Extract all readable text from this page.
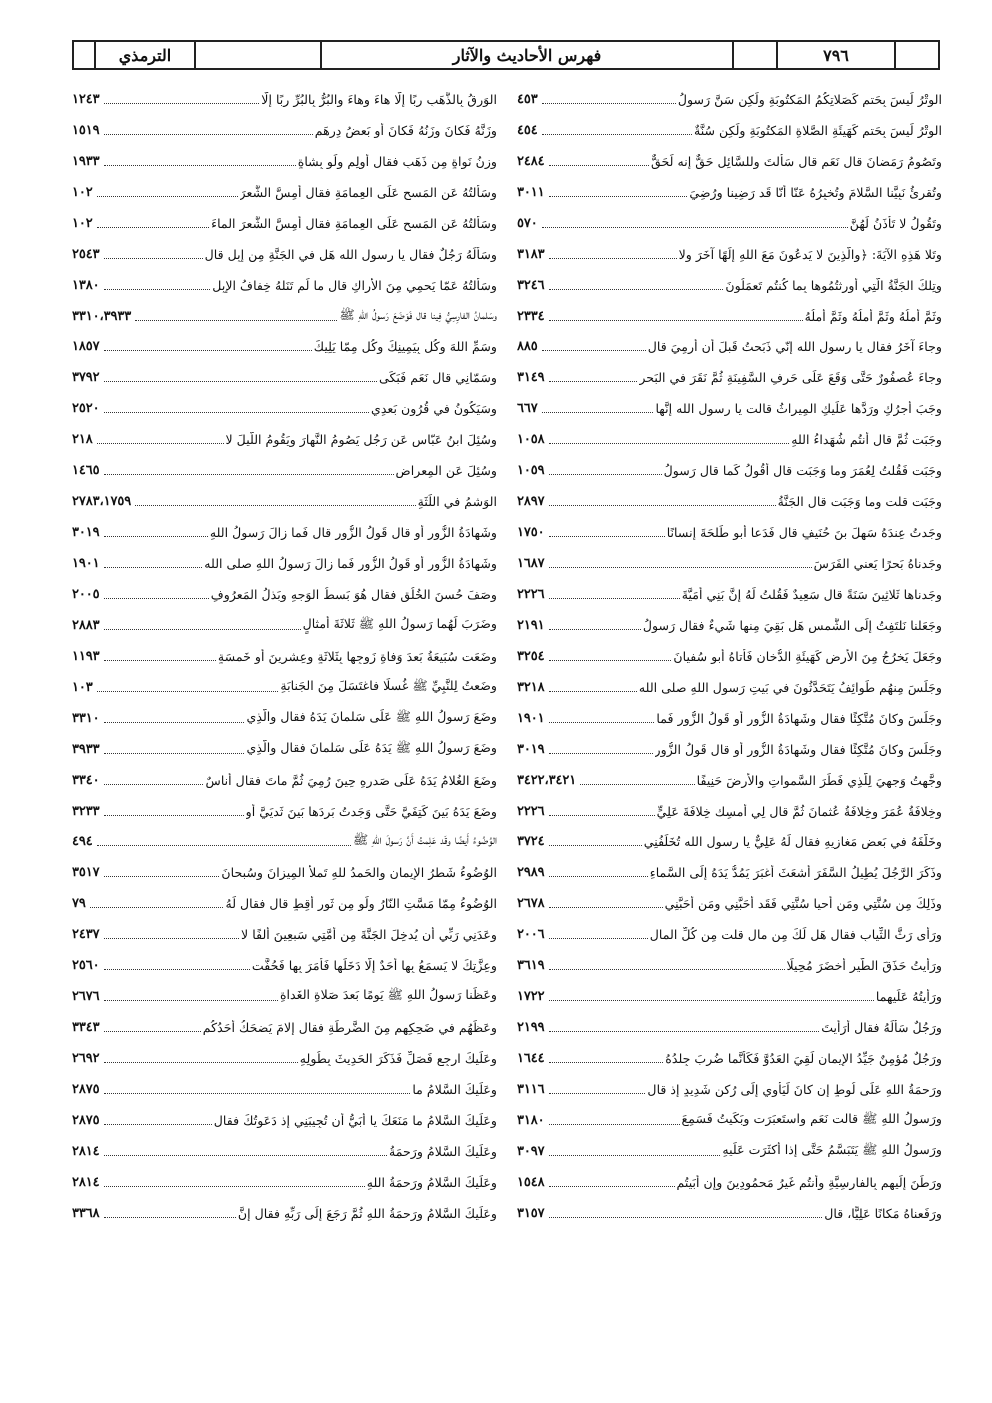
٧٩٦
فهرس الأحاديث والآثار
الترمذي
٤٥٣	الوِتْرُ لَيسَ بِحَتمٍ كَصَلاتِكُمُ المَكتُوبَةِ ولَكِن سَنَّ رَسولُ
٤٥٤	الوِتْرُ لَيسَ بِحَتمٍ كَهَيئَةِ الصَّلاةِ المَكتُوبَةِ ولَكِن سُنَّةٌ
٢٤٨٤	وتَصُومُ رَمَضانَ قال نَعَم قال سَأَلتَ وللسَّائِلِ حَقٌّ إنه لَحَقٌّ
٣٠١١	وتُقرِئُ نَبِيَّنا السَّلامَ وتُخبِرُهُ عَنّا أَنّا قَد رَضِينا ورُضِيَ
٥٧٠	وتَقُولُ لا تَأذَنُ لَهُنَّ
٣١٨٣	وتَلا هَذِهِ الآيَةَ: ﴿والَّذِينَ لا يَدعُونَ مَعَ اللهِ إلَهًا آخَرَ ولا
٣٢٤٦	وتِلكَ الجَنَّةُ الَّتِي أُورِثتُمُوها بِما كُنتُم تَعمَلُونَ
٢٣٣٤	وثَمَّ أَملُهُ وثَمَّ أَملُهُ وثَمَّ أَملُهُ
٨٨٥	وجاءَ آخَرُ فقال يا رسول الله إنّي ذَبَحتُ قَبلَ أَن أَرمِيَ قال
٣١٤٩	وجاءَ عُصفُورٌ حَتَّى وَقَعَ عَلَى حَرفِ السَّفِينَةِ ثُمَّ نَقَرَ في البَحرِ
٦٦٧	وجَبَ أَجرُكِ ورَدَّها عَلَيكِ المِيراثُ قالت يا رسول الله إنَّها
١٠٥٨	وجَبَت ثُمَّ قال أَنتُم شُهَداءُ اللهِ
١٠٥٩	وجَبَت فَقُلتُ لِعُمَرَ وما وَجَبَت قال أَقُولُ كَما قال رَسولُ
٢٨٩٧	وجَبَت قلت وما وَجَبَت قال الجَنَّةُ
١٧٥٠	وجَدتُ عِندَهُ سَهلَ بنَ حُنَيفٍ قال فَدَعا أَبو طَلحَةَ إنسانًا
١٦٨٧	وجَدناهُ بَحرًا يَعني الفَرَسَ
٢٢٢٦	وجَدناها ثَلاثِينَ سَنَةً قال سَعِيدٌ فَقُلتُ لَهُ إنَّ بَنِي أُمَيَّةَ
٢١٩١	وجَعَلنا نَلتَفِتُ إلَى الشَّمسِ هَل بَقِيَ مِنها شَيءٌ فقال رَسولُ
٣٢٥٤	وجَعَلَ يَخرُجُ مِنَ الأَرضِ كَهَيئَةِ الدُّخانِ فَأَتاهُ أَبو سُفيانَ
٣٢١٨	وجَلَسَ مِنهُم طَوائِفُ يَتَحَدَّثُونَ في بَيتِ رَسولِ اللهِ صلى الله
١٩٠١	وجَلَسَ وكانَ مُتَّكِئًا فقال وشَهادَةُ الزُّورِ أَو قَولُ الزُّورِ فَما
٣٠١٩	وجَلَسَ وكانَ مُتَّكِئًا فقال وشَهادَةُ الزُّورِ أَو قال قَولُ الزُّورِ
٣٤٢٢،٣٤٢١	وجَّهتُ وَجهِيَ لِلَّذِي فَطَرَ السَّمواتِ والأَرضَ حَنِيفًا
٢٢٢٦	وخِلافَةُ عُمَرَ وخِلافَةُ عُثمانَ ثُمَّ قال لِي أَمسِك خِلافَةَ عَلِيٍّ
٣٧٢٤	وخَلَّفَهُ في بَعضِ مَغازِيهِ فقال لَهُ عَلِيٌّ يا رسول الله تُخَلِّفُنِي
٢٩٨٩	وذَكَرَ الرَّجُلَ يُطِيلُ السَّفَرَ أَشعَثَ أَغبَرَ يَمُدُّ يَدَهُ إلَى السَّماءِ
٢٦٧٨	وذَلِكَ مِن سُنَّتِي ومَن أَحيا سُنَّتِي فَقَد أَحَبَّنِي ومَن أَحَبَّنِي
٢٠٠٦	ورَأَى رَثَّ الثِّيابِ فقال هَل لَكَ مِن مالٍ قلت مِن كُلِّ المالِ
٣٦١٩	ورَأَيتُ حَذَقَ الطَّيرِ أَخضَرَ مُحِيلًا
١٧٢٢	ورَأَيتُهُ عَلَيهِما
٢١٩٩	ورَجُلٌ سَأَلَهُ فقال أَرَأَيتَ
١٦٤٤	ورَجُلٌ مُؤمِنٌ جَيِّدُ الإيمانِ لَقِيَ العَدُوَّ فَكَأَنَّما ضُرِبَ جِلدُهُ
٣١١٦	ورَحمَةُ اللهِ عَلَى لُوطٍ إن كانَ لَيَأوِي إلَى رُكنٍ شَدِيدٍ إذ قال
٣١٨٠	ورَسولُ اللهِ ﷺ قالت نَعَم واستَعبَرَت وبَكَيتُ فَسَمِعَ
٣٠٩٧	ورَسولُ اللهِ ﷺ يَتَبَسَّمُ حَتَّى إذا أَكثَرَت عَلَيهِ
١٥٤٨	ورَطَنَ إلَيهِم بِالفارِسِيَّةِ وأَنتُم غَيرُ مَحمُودِينَ وإن أَبَيتُم
٣١٥٧	ورَفَعناهُ مَكانًا عَلِيًّا، قال
١٢٤٣	الوَرِقُ بِالذَّهَبِ رِبًا إلّا هاءَ وهاءَ والبُرُّ بِالبُرِّ رِبًا إلّا
١٥١٩	وزَنَّهُ فَكانَ وزَنُهُ فَكانَ أَو بَعضُ دِرهَمٍ
١٩٣٣	وزنُ نَواةٍ مِن ذَهَبٍ فقال أَولِم ولَو بِشاةٍ
١٠٢	وسَأَلتُهُ عَنِ المَسحِ عَلَى العِمامَةِ فقال أَمِسَّ الشَّعرَ
١٠٢	وسَأَلتُهُ عَنِ المَسحِ عَلَى العِمامَةِ فقال أَمِسَّ الشَّعرَ الماءَ
٢٥٤٣	وسَأَلَهُ رَجُلٌ فقال يا رسول الله هَل في الجَنَّةِ مِن إبِلٍ قال
١٣٨٠	وسَأَلتُهُ عَمّا يَحمِي مِنَ الأَراكِ قال ما لَم تَنَلهُ خِفافُ الإبِلِ
٣٣١٠،٣٩٣٣	وسَلمانُ الفارِسِيُّ فِينا قال فَوَضَعَ رَسولُ اللهِ ﷺ
١٨٥٧	وسَمِّ اللهَ وكُل بِيَمِينِكَ وكُل مِمّا يَلِيكَ
٣٧٩٢	وسَمّانِي قال نَعَم فَبَكَى
٢٥٢٠	وسَيَكُونُ في قُرُونٍ بَعدِي
٢١٨	وسُئِلَ ابنُ عَبّاسٍ عَن رَجُلٍ يَصُومُ النَّهارَ ويَقُومُ اللَّيلَ لا
١٤٦٥	وسُئِلَ عَنِ المِعراضِ
٢٧٨٣،١٧٥٩	الوَشمُ في اللِّثَةِ
٣٠١٩	وشَهادَةُ الزُّورِ أَو قال قَولُ الزُّورِ قال فَما زالَ رَسولُ اللهِ
١٩٠١	وشَهادَةُ الزُّورِ أَو قَولُ الزُّورِ فَما زالَ رَسولُ اللهِ صلى الله
٢٠٠٥	وصَفَ حُسنَ الخُلُقِ فقال هُوَ بَسطُ الوَجهِ وبَذلُ المَعرُوفِ
٢٨٨٣	وضَرَبَ لَهُما رَسولُ اللهِ ﷺ ثَلاثَةَ أَمثالٍ
١١٩٣	وضَعَت سُبَيعَةُ بَعدَ وَفاةِ زَوجِها بِثَلاثَةٍ وعِشرِينَ أَو خَمسَةٍ
١٠٣	وضَعتُ لِلنَّبِيِّ ﷺ غُسلًا فاغتَسَلَ مِنَ الجَنابَةِ
٣٣١٠	وضَعَ رَسولُ اللهِ ﷺ عَلَى سَلمانَ يَدَهُ فقال والَّذِي
٣٩٣٣	وضَعَ رَسولُ اللهِ ﷺ يَدَهُ عَلَى سَلمانَ فقال والَّذِي
٣٣٤٠	وضَعَ الغُلامُ يَدَهُ عَلَى صَدرِهِ حِينَ رُمِيَ ثُمَّ ماتَ فقال أُناسٌ
٣٢٣٣	وضَعَ يَدَهُ بَينَ كَتِفَيَّ حَتَّى وَجَدتُ بَردَها بَينَ ثَديَيَّ أَو
٤٩٤	الوُضُوءُ أَيضًا وقَد عَلِمتُ أَنَّ رَسولَ اللهِ ﷺ
٣٥١٧	الوُضُوءُ شَطرُ الإيمانِ والحَمدُ للهِ تَملأُ المِيزانَ وسُبحانَ
٧٩	الوُضُوءُ مِمّا مَسَّتِ النّارُ ولَو مِن ثَورِ أَقِطٍ قال فقال لَهُ
٢٤٣٧	وعَدَنِي رَبِّي أَن يُدخِلَ الجَنَّةَ مِن أُمَّتِي سَبعِينَ أَلفًا لا
٢٥٦٠	وعِزَّتِكَ لا يَسمَعُ بِها أَحَدٌ إلّا دَخَلَها فَأَمَرَ بِها فَحُفَّت
٢٦٧٦	وعَظَنا رَسولُ اللهِ ﷺ يَومًا بَعدَ صَلاةِ الغَداةِ
٣٣٤٣	وعَظَهُم في ضَحِكِهِم مِنَ الضَّرطَةِ فقال إلامَ يَضحَكُ أَحَدُكُم
٢٦٩٢	وعَلَيكَ ارجِع فَصَلِّ فَذَكَرَ الحَدِيثَ بِطُولِهِ
٢٨٧٥	وعَلَيكَ السَّلامُ ما
٢٨٧٥	وعَلَيكَ السَّلامُ ما مَنَعَكَ يا أُبَيُّ أَن تُجِيبَنِي إذ دَعَوتُكَ فقال
٢٨١٤	وعَلَيكَ السَّلامُ ورَحمَةُ
٢٨١٤	وعَلَيكَ السَّلامُ ورَحمَةُ اللهِ
٣٣٦٨	وعَلَيكَ السَّلامُ ورَحمَةُ اللهِ ثُمَّ رَجَعَ إلَى رَبِّهِ فقال إنَّ
